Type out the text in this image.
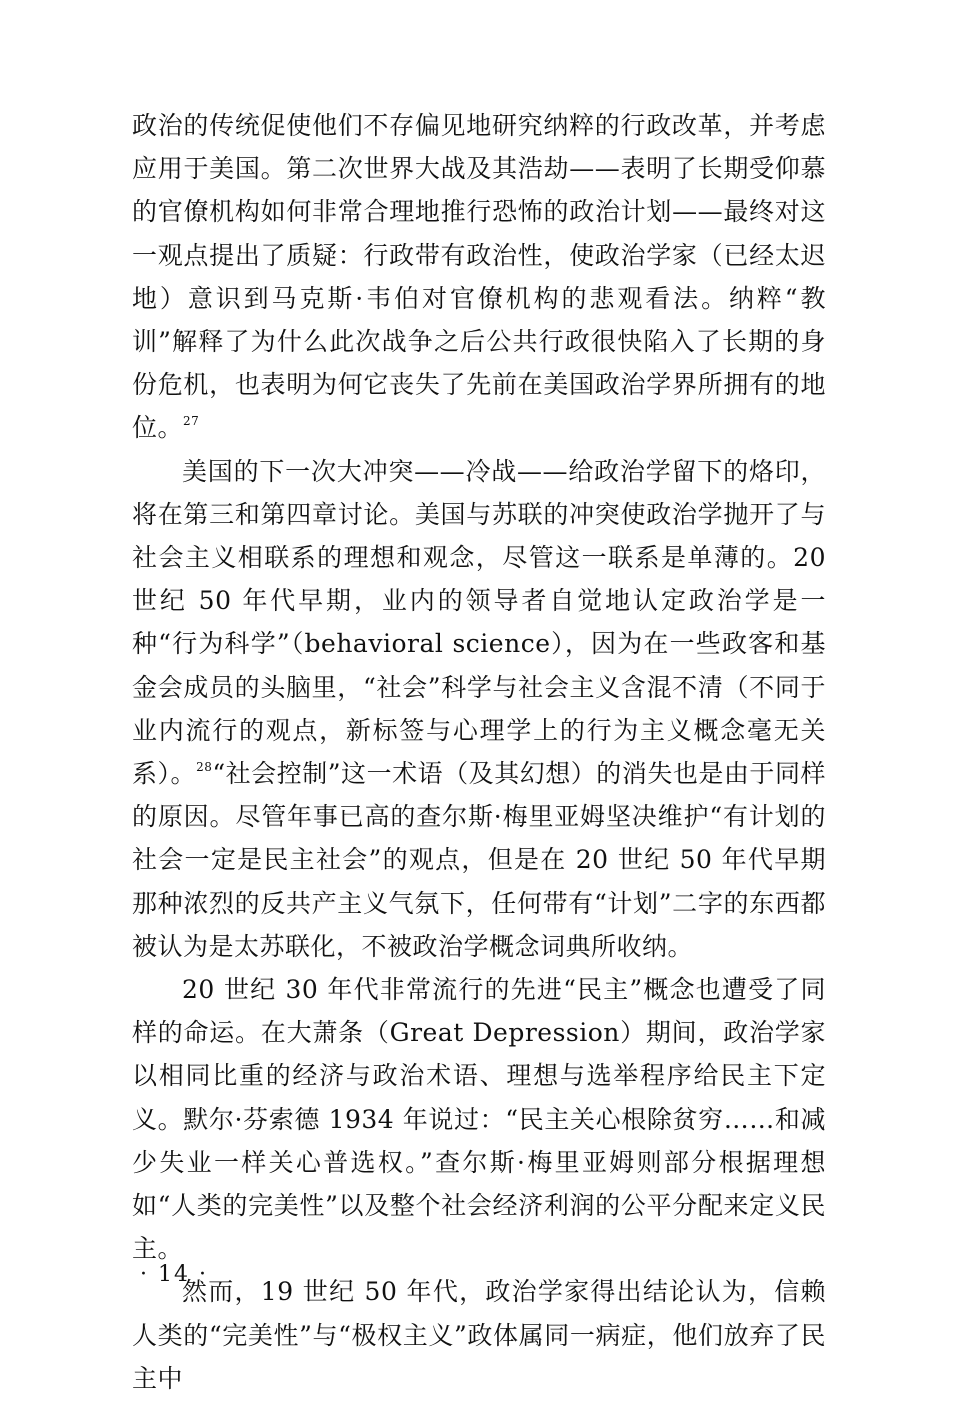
政治的传统促使他们不存偏见地研究纳粹的行政改革，并考虑应用于美国。第二次世界大战及其浩劫——表明了长期受仰慕的官僚机构如何非常合理地推行恐怖的政治计划——最终对这一观点提出了质疑：行政带有政治性，使政治学家（已经太迟地）意识到马克斯·韦伯对官僚机构的悲观看法。纳粹“教训”解释了为什么此次战争之后公共行政很快陷入了长期的身份危机，也表明为何它丧失了先前在美国政治学界所拥有的地位。$^{27}$

美国的下一次大冲突——冷战——给政治学留下的烙印，将在第三和第四章讨论。美国与苏联的冲突使政治学抛开了与社会主义相联系的理想和观念，尽管这一联系是单薄的。20 世纪 50 年代早期，业内的领导者自觉地认定政治学是一种“行为科学”（behavioral science），因为在一些政客和基金会成员的头脑里，“社会”科学与社会主义含混不清（不同于业内流行的观点，新标签与心理学上的行为主义概念毫无关系）。$^{28}$“社会控制”这一术语（及其幻想）的消失也是由于同样的原因。尽管年事已高的查尔斯·梅里亚姆坚决维护“有计划的社会一定是民主社会”的观点，但是在 20 世纪 50 年代早期那种浓烈的反共产主义气氛下，任何带有“计划”二字的东西都被认为是太苏联化，不被政治学概念词典所收纳。

20 世纪 30 年代非常流行的先进“民主”概念也遭受了同样的命运。在大萧条（Great Depression）期间，政治学家以相同比重的经济与政治术语、理想与选举程序给民主下定义。默尔·芬索德 1934 年说过：“民主关心根除贫穷……和减少失业一样关心普选权。”查尔斯·梅里亚姆则部分根据理想如“人类的完美性”以及整个社会经济利润的公平分配来定义民主。

然而，19 世纪 50 年代，政治学家得出结论认为，信赖人类的“完美性”与“极权主义”政体属同一病症，他们放弃了民主中

· 14 ·
